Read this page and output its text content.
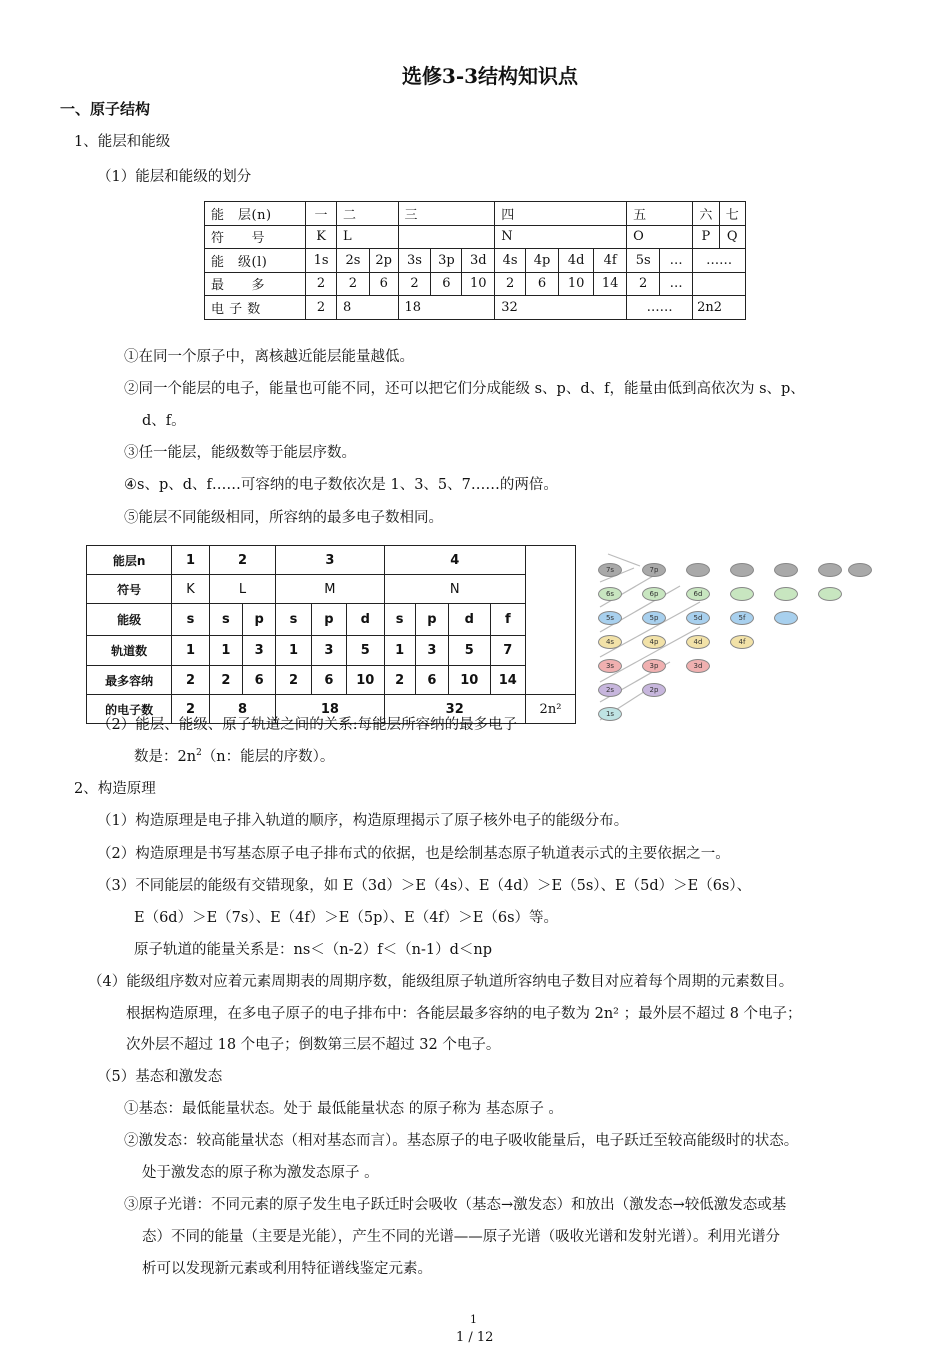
选修3-3结构知识点
一、原子结构
1、能层和能级
（1）能层和能级的划分
能　层(n)	一	二		三			四				五		六	七
符　　号	K	L					N				O		P	Q
能　级(l)	1s	2s	2p	3s	3p	3d	4s	4p	4d	4f	5s	…	……	
最　　多	2	2	6	2	6	10	2	6	10	14	2	…		
电 子 数	2	8		18			32				……		2n2	
①在同一个原子中，离核越近能层能量越低。
②同一个能层的电子，能量也可能不同，还可以把它们分成能级 s、p、d、f，能量由低到高依次为 s、p、
d、f。
③任一能层，能级数等于能层序数。
④s、p、d、f……可容纳的电子数依次是 1、3、5、7……的两倍。
⑤能层不同能级相同，所容纳的最多电子数相同。
能层n	1	2		3			4				
符号	K	L		M			N				
能级	s	s	p	s	p	d	s	p	d	f	
轨道数	1	1	3	1	3	5	1	3	5	7	
最多容纳	2	2	6	2	6	10	2	6	10	14	
的电子数	2	8		18			32				2n²
7s	7p
6s	6p	6d
5s	5p	5d	5f
4s	4p	4d	4f
3s	3p	3d
2s	2p
1s
（2）能层、能级、原子轨道之间的关系:每能层所容纳的最多电子
数是：$2n^2(n$：能层的序数）。
2、构造原理
（1）构造原理是电子排入轨道的顺序，构造原理揭示了原子核外电子的能级分布。
（2）构造原理是书写基态原子电子排布式的依据，也是绘制基态原子轨道表示式的主要依据之一。
（3）不同能层的能级有交错现象，如 E（3d）＞E（4s）、E（4d）＞E（5s）、E（5d）＞E（6s）、
E（6d）＞E（7s）、E（4f）＞E（5p）、E（4f）＞E（6s）等。
原子轨道的能量关系是：ns＜（n-2）f＜（n-1）d＜np
（4）能级组序数对应着元素周期表的周期序数，能级组原子轨道所容纳电子数目对应着每个周期的元素数目。
根据构造原理，在多电子原子的电子排布中：各能层最多容纳的电子数为 2n² ；最外层不超过 8 个电子；
次外层不超过 18 个电子；倒数第三层不超过 32 个电子。
（5）基态和激发态
①基态：最低能量状态。处于 最低能量状态 的原子称为 基态原子 。
②激发态：较高能量状态（相对基态而言）。基态原子的电子吸收能量后，电子跃迁至较高能级时的状态。
处于激发态的原子称为激发态原子 。
③原子光谱：不同元素的原子发生电子跃迁时会吸收（基态→激发态）和放出（激发态→较低激发态或基
态）不同的能量（主要是光能），产生不同的光谱——原子光谱（吸收光谱和发射光谱）。利用光谱分
析可以发现新元素或利用特征谱线鉴定元素。
1
1 / 12
